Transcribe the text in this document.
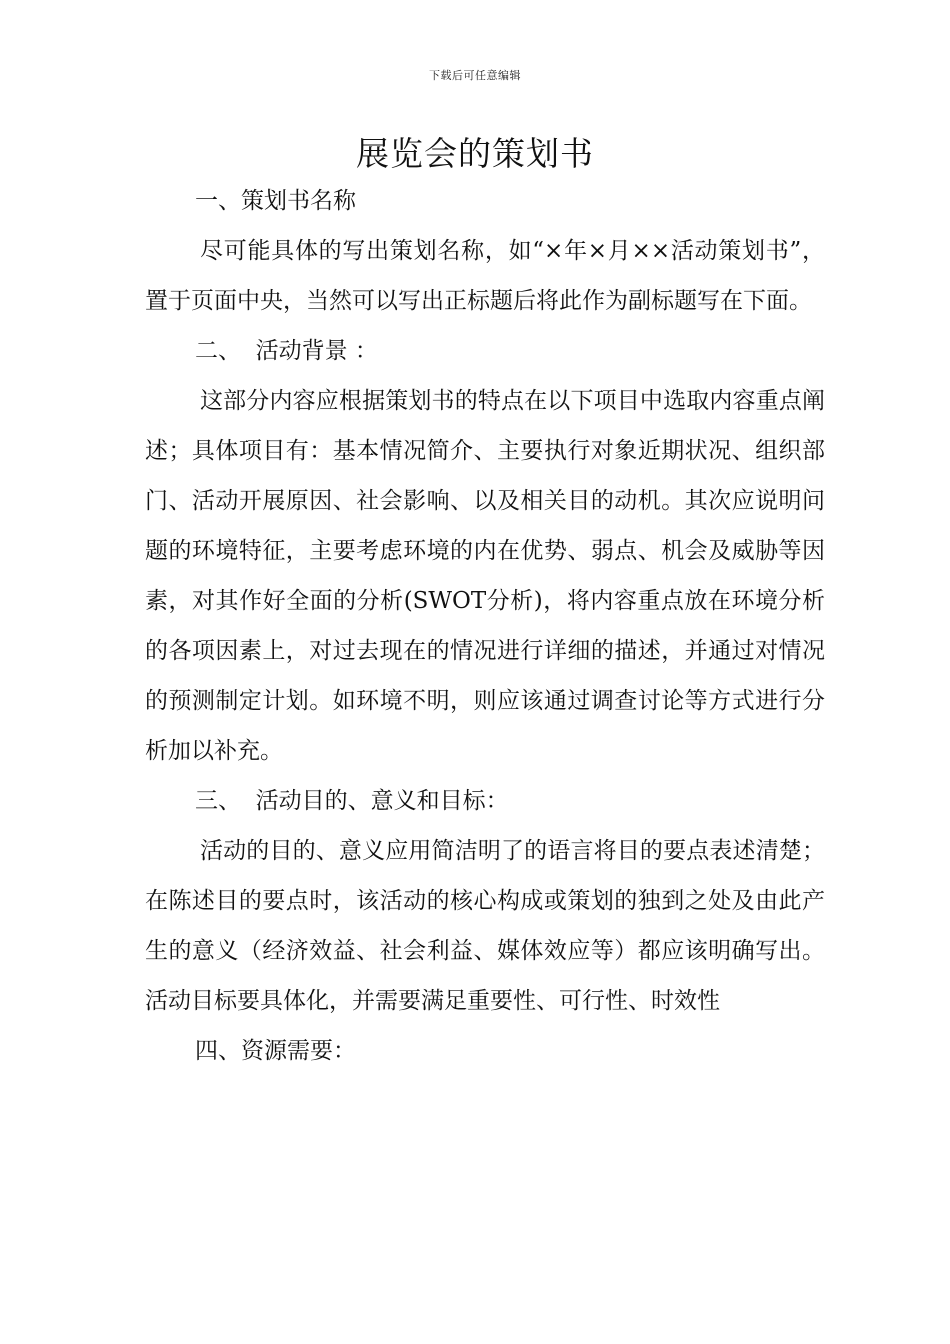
下载后可任意编辑
展览会的策划书

一、策划书名称

尽可能具体的写出策划名称，如“×年×月××活动策划书”，置于页面中央，当然可以写出正标题后将此作为副标题写在下面。

二、  活动背景 ：

这部分内容应根据策划书的特点在以下项目中选取内容重点阐述；具体项目有：基本情况简介、主要执行对象近期状况、组织部门、活动开展原因、社会影响、以及相关目的动机。其次应说明问题的环境特征，主要考虑环境的内在优势、弱点、机会及威胁等因素，对其作好全面的分析(SWOT分析)，将内容重点放在环境分析的各项因素上，对过去现在的情况进行详细的描述，并通过对情况的预测制定计划。如环境不明，则应该通过调查讨论等方式进行分析加以补充。

三、  活动目的、意义和目标：

活动的目的、意义应用简洁明了的语言将目的要点表述清楚；在陈述目的要点时，该活动的核心构成或策划的独到之处及由此产生的意义（经济效益、社会利益、媒体效应等）都应该明确写出。活动目标要具体化，并需要满足重要性、可行性、时效性

四、资源需要：
